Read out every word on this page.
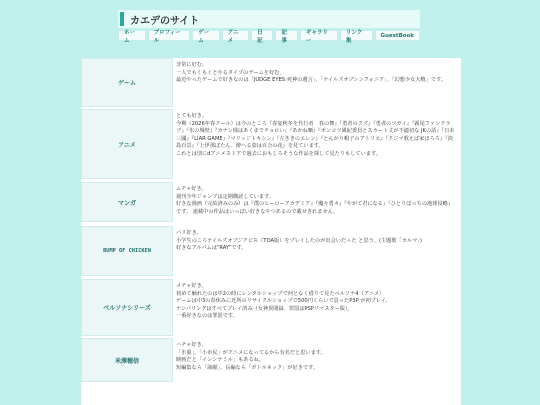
カエデのサイト
ホーム
プロフィール
ゲーム
アニメ
日記
記事
ギャラリー
リンク集
GuestBook
ゲーム
非常に好む。
一人でもくもくとやるタイプのゲームを好む。
最近やったゲームで好きなのは「JUDGE EYES:死神の遺言」、「テイルズオブシンフォニア」、「幻想少女大戦」です。
アニメ
とても好き。
今期（2026年春クール）は今のところ『春宴秋冬を代行者　春の舞』『勇者のクズ』『勇者のツガイ』『霧尾ファンクラブ』『氷の城壁』『カナン様はあくまでチョロい』『あかね噺』『ポンコツ風紀委員とスカート丈が不適切な JKの話』『日本三國』『LIAR GAME』『マリッジトキシン』『左ききのエレン』『とんがり帽子のアトリエ』『クジマ歌えば家ほろろ』『淡島百景』『上伊那ぼたん、酔へる姿は百合の花』を見ています。
これとは別にdアニメストアで過去におもしろそうな作品を探して見たりもしています。
マンガ
ムチャ好き。
週刊少年ジャンプは定期購読しています。
好きな漫画（完結済みのみ）は『僕のヒーローアカデミア』『魔々勇々』『やがて君になる』『ひとりぼっちの地球侵略』です。 連載中の作品はいっぱい好きなやつあるので載せきれません。
BUMP OF CHICKEN
バリ好き。
小学生のころテイルズオブジアビス（TOA版）をプレイしたのが出会いだった と思う。(主題歌「カルマ」)
好きなアルバムは"RAY"です。
ペルソナシリーズ
メチャ好き。
初めて触れたのは中2の時にレンタルショップで何となく借りて見たペルソナ4（アニメ）
ゲームは中3の春休みに近所のリサイクルショップで500円くらいで買ったP3P が初プレイ。
ナンバリングはすべてプレイ済み（女神異聞録、罪罰はPSPリマスター版）。
一番好きなのは罪罰です。
米澤穂信
ハチャ好き。
「氷菓」、「小市民」がアニメになってるから有名だと思います。
映画だと「インシテミル」もあるね。
短編集なら「満願」、長編なら「ボトルネック」が好きです。
